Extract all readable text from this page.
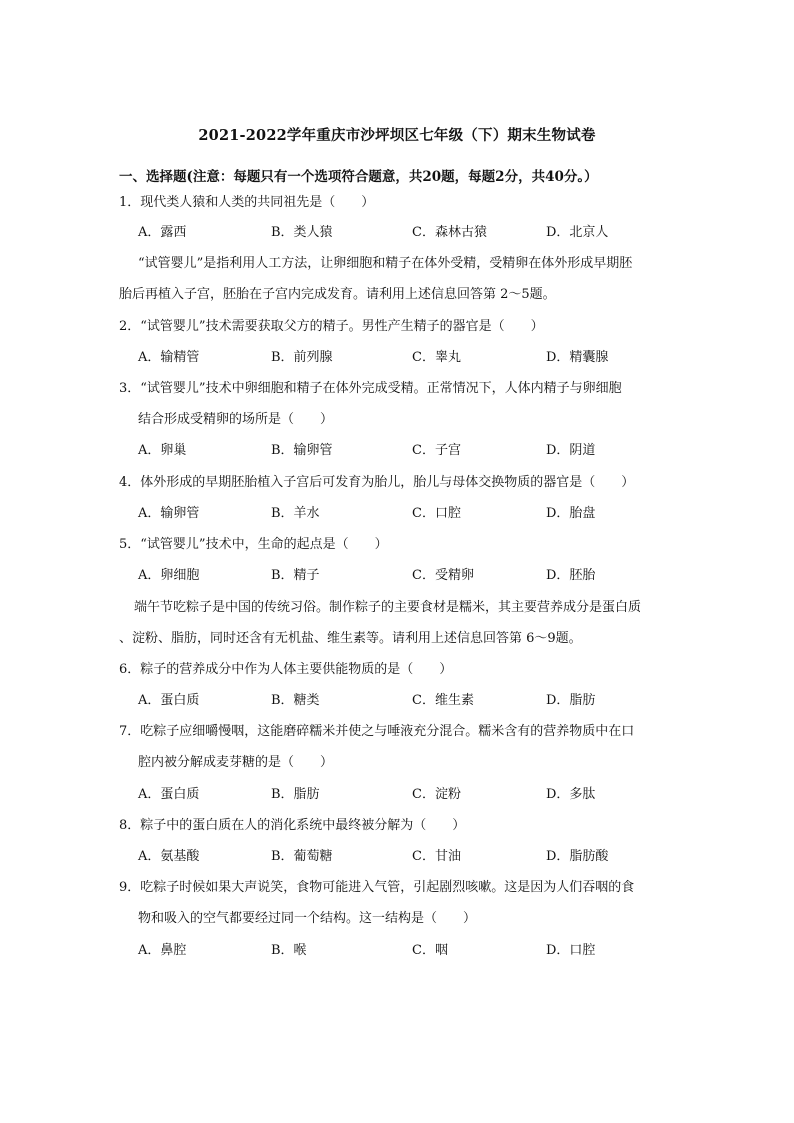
2021-2022学年重庆市沙坪坝区七年级（下）期末生物试卷
一、选择题(注意：每题只有一个选项符合题意，共20题，每题2分，共40分。）
1．现代类人猿和人类的共同祖先是（　　）
A．露西	B．类人猿	C．森林古猿	D．北京人
“试管婴儿”是指利用人工方法，让卵细胞和精子在体外受精，受精卵在体外形成早期胚
胎后再植入子宫，胚胎在子宫内完成发育。请利用上述信息回答第 2～5题。
2．“试管婴儿”技术需要获取父方的精子。男性产生精子的器官是（　　）
A．输精管	B．前列腺	C．睾丸	D．精囊腺
3．“试管婴儿”技术中卵细胞和精子在体外完成受精。正常情况下，人体内精子与卵细胞
结合形成受精卵的场所是（　　）
A．卵巢	B．输卵管	C．子宫	D．阴道
4．体外形成的早期胚胎植入子宫后可发育为胎儿，胎儿与母体交换物质的器官是（　　）
A．输卵管	B．羊水	C．口腔	D．胎盘
5．“试管婴儿”技术中，生命的起点是（　　）
A．卵细胞	B．精子	C．受精卵	D．胚胎
端午节吃粽子是中国的传统习俗。制作粽子的主要食材是糯米，其主要营养成分是蛋白质
、淀粉、脂肪，同时还含有无机盐、维生素等。请利用上述信息回答第 6～9题。
6．粽子的营养成分中作为人体主要供能物质的是（　　）
A．蛋白质	B．糖类	C．维生素	D．脂肪
7．吃粽子应细嚼慢咽，这能磨碎糯米并使之与唾液充分混合。糯米含有的营养物质中在口
腔内被分解成麦芽糖的是（　　）
A．蛋白质	B．脂肪	C．淀粉	D．多肽
8．粽子中的蛋白质在人的消化系统中最终被分解为（　　）
A．氨基酸	B．葡萄糖	C．甘油	D．脂肪酸
9．吃粽子时候如果大声说笑，食物可能进入气管，引起剧烈咳嗽。这是因为人们吞咽的食
物和吸入的空气都要经过同一个结构。这一结构是（　　）
A．鼻腔	B．喉	C．咽	D．口腔
